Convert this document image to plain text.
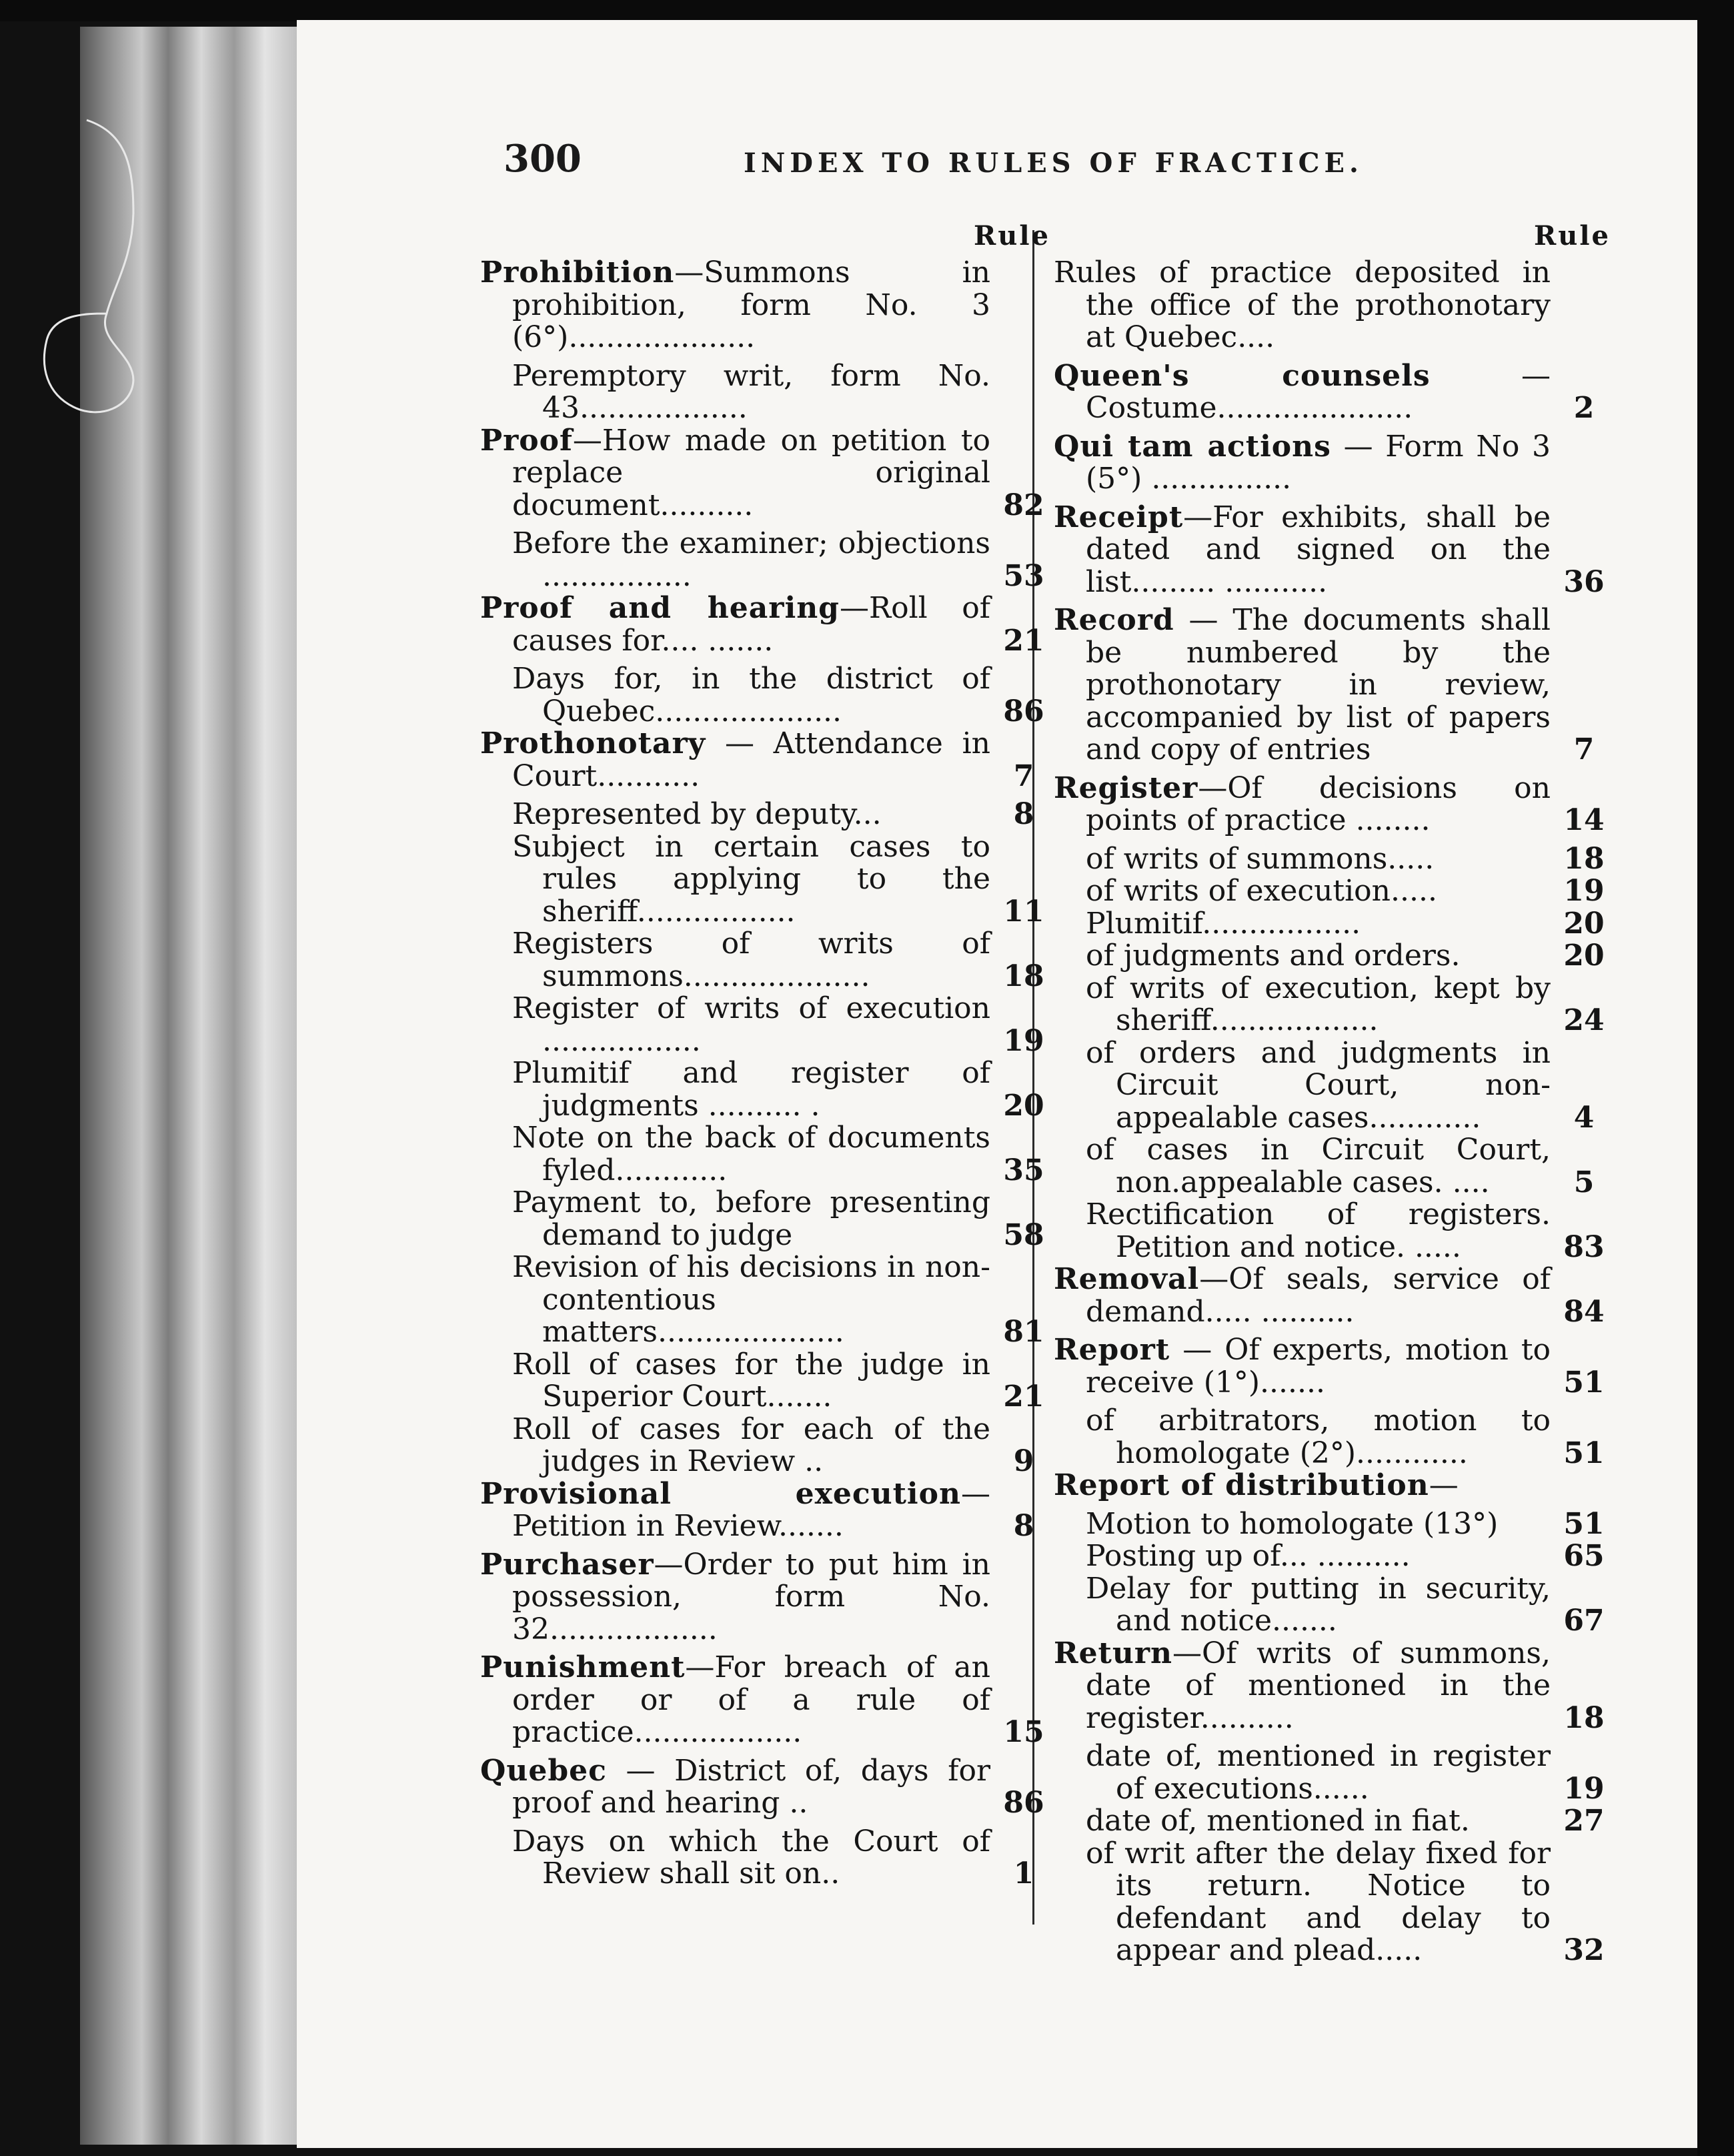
300	INDEX TO RULES OF FRACTICE.
Rule
Prohibition—Summons in prohibition, form No. 3 (6°)....................
Peremptory writ, form No. 43..................
Proof—How made on petition to replace original document..........	82
Before the examiner; objections ................	53
Proof and hearing—Roll of causes for.... .......	21
Days for, in the district of Quebec....................	86
Prothonotary — Attendance in Court...........	7
Represented by deputy...	8
Subject in certain cases to rules applying to the sheriff.................	11
Registers of writs of summons....................	18
Register of writs of execution .................	19
Plumitif and register of judgments .......... .	20
Note on the back of documents fyled............	35
Payment to, before presenting demand to judge	58
Revision of his decisions in non-contentious matters....................	81
Roll of cases for the judge in Superior Court.......	21
Roll of cases for each of the judges in Review ..	9
Provisional execution—Petition in Review.......	8
Purchaser—Order to put him in possession, form No. 32..................
Punishment—For breach of an order or of a rule of practice..................	15
Quebec — District of, days for proof and hearing ..	86
Days on which the Court of Review shall sit on..	1
Rule
Rules of practice deposited in the office of the prothonotary at Quebec....
Queen's counsels — Costume.....................	2
Qui tam actions — Form No 3 (5°) ...............
Receipt—For exhibits, shall be dated and signed on the list......... ...........	36
Record — The documents shall be numbered by the prothonotary in review, accompanied by list of papers and copy of entries	7
Register—Of decisions on points of practice ........	14
of writs of summons.....	18
of writs of execution.....	19
Plumitif.................	20
of judgments and orders.	20
of writs of execution, kept by sheriff..................	24
of orders and judgments in Circuit Court, non-appealable cases............	4
of cases in Circuit Court, non.appealable cases. ....	5
Rectification of registers. Petition and notice. .....	83
Removal—Of seals, service of demand..... ..........	84
Report — Of experts, motion to receive (1°).......	51
of arbitrators, motion to homologate (2°)............	51
Report of distribution—
Motion to homologate (13°)	51
Posting up of... ..........	65
Delay for putting in security, and notice.......	67
Return—Of writs of summons, date of mentioned in the register..........	18
date of, mentioned in register of executions......	19
date of, mentioned in fiat.	27
of writ after the delay fixed for its return. Notice to defendant and delay to appear and plead.....	32
